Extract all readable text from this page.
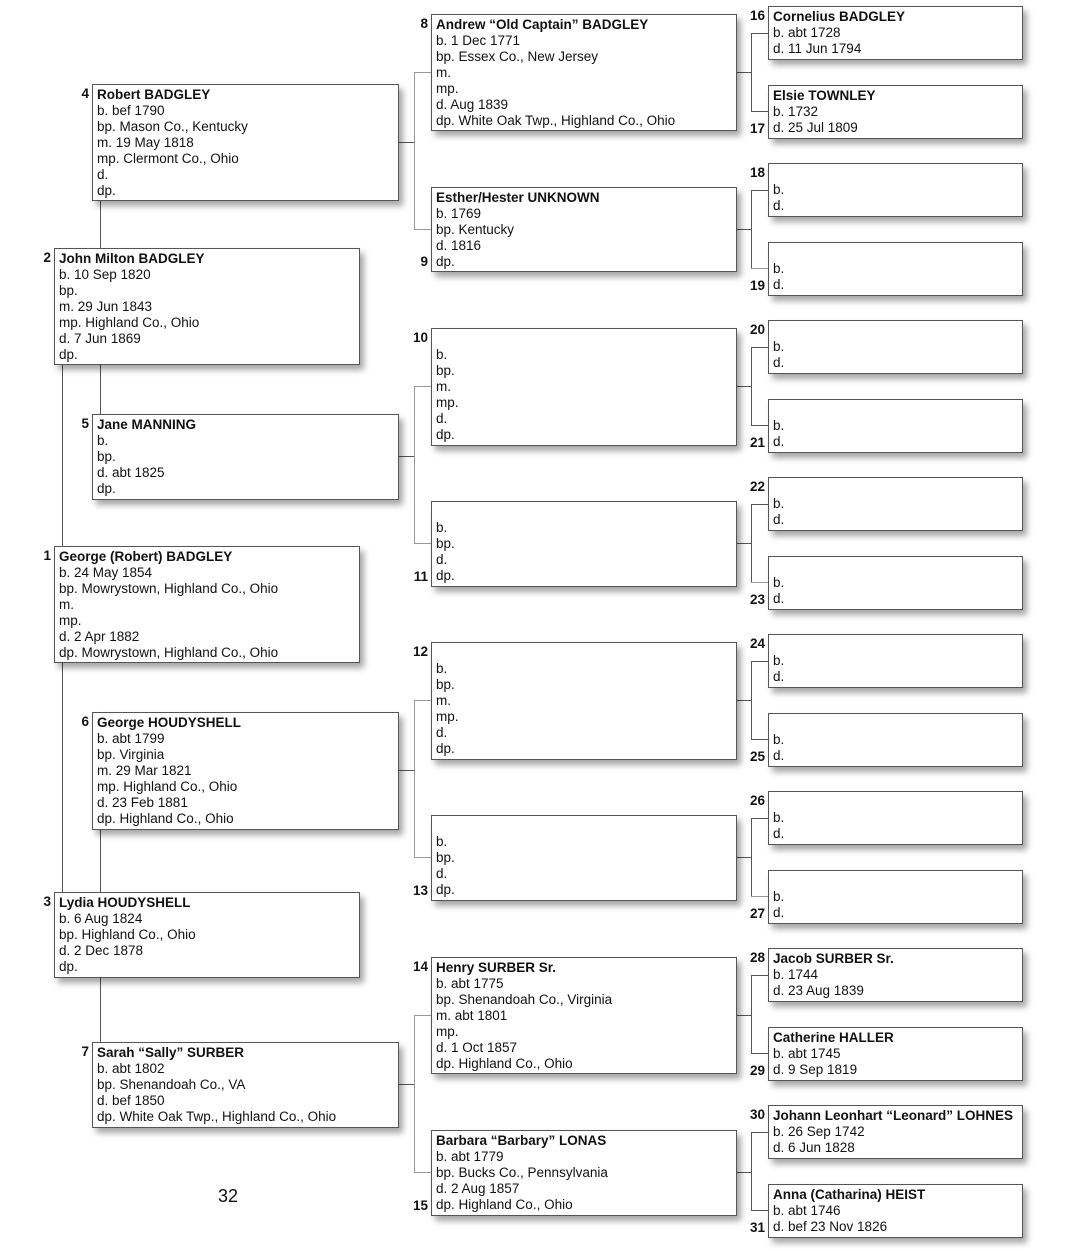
John Milton BADGLEY
b. 10 Sep 1820
bp.
m. 29 Jun 1843
mp. Highland Co., Ohio
d. 7 Jun 1869
dp.
2
George (Robert) BADGLEY
b. 24 May 1854
bp. Mowrystown, Highland Co., Ohio
m.
mp.
d. 2 Apr 1882
dp. Mowrystown, Highland Co., Ohio
1
Lydia HOUDYSHELL
b. 6 Aug 1824
bp. Highland Co., Ohio
d. 2 Dec 1878
dp.
3
Robert BADGLEY
b. bef 1790
bp. Mason Co., Kentucky
m. 19 May 1818
mp. Clermont Co., Ohio
d.
dp.
4
Jane MANNING
b.
bp.
d. abt 1825
dp.
5
George HOUDYSHELL
b. abt 1799
bp. Virginia
m. 29 Mar 1821
mp. Highland Co., Ohio
d. 23 Feb 1881
dp. Highland Co., Ohio
6
Sarah “Sally” SURBER
b. abt 1802
bp. Shenandoah Co., VA
d. bef 1850
dp. White Oak Twp., Highland Co., Ohio
7
Andrew “Old Captain” BADGLEY
b. 1 Dec 1771
bp. Essex Co., New Jersey
m.
mp.
d. Aug 1839
dp. White Oak Twp., Highland Co., Ohio
8
Esther/Hester UNKNOWN
b. 1769
bp. Kentucky
d. 1816
dp.
9
b.
bp.
m.
mp.
d.
dp.
10
b.
bp.
d.
dp.
11
b.
bp.
m.
mp.
d.
dp.
12
b.
bp.
d.
dp.
13
Henry SURBER Sr.
b. abt 1775
bp. Shenandoah Co., Virginia
m. abt 1801
mp.
d. 1 Oct 1857
dp. Highland Co., Ohio
14
Barbara “Barbary” LONAS
b. abt 1779
bp. Bucks Co., Pennsylvania
d. 2 Aug 1857
dp. Highland Co., Ohio
15
Cornelius BADGLEY
b. abt 1728
d. 11 Jun 1794
16
Elsie TOWNLEY
b. 1732
d. 25 Jul 1809
17
b.
d.
18
b.
d.
19
b.
d.
20
b.
d.
21
b.
d.
22
b.
d.
23
b.
d.
24
b.
d.
25
b.
d.
26
b.
d.
27
Jacob SURBER Sr.
b. 1744
d. 23 Aug 1839
28
Catherine HALLER
b. abt 1745
d. 9 Sep 1819
29
Johann Leonhart “Leonard” LOHNES
b. 26 Sep 1742
d. 6 Jun 1828
30
Anna (Catharina) HEIST
b. abt 1746
d. bef 23 Nov 1826
31
32
